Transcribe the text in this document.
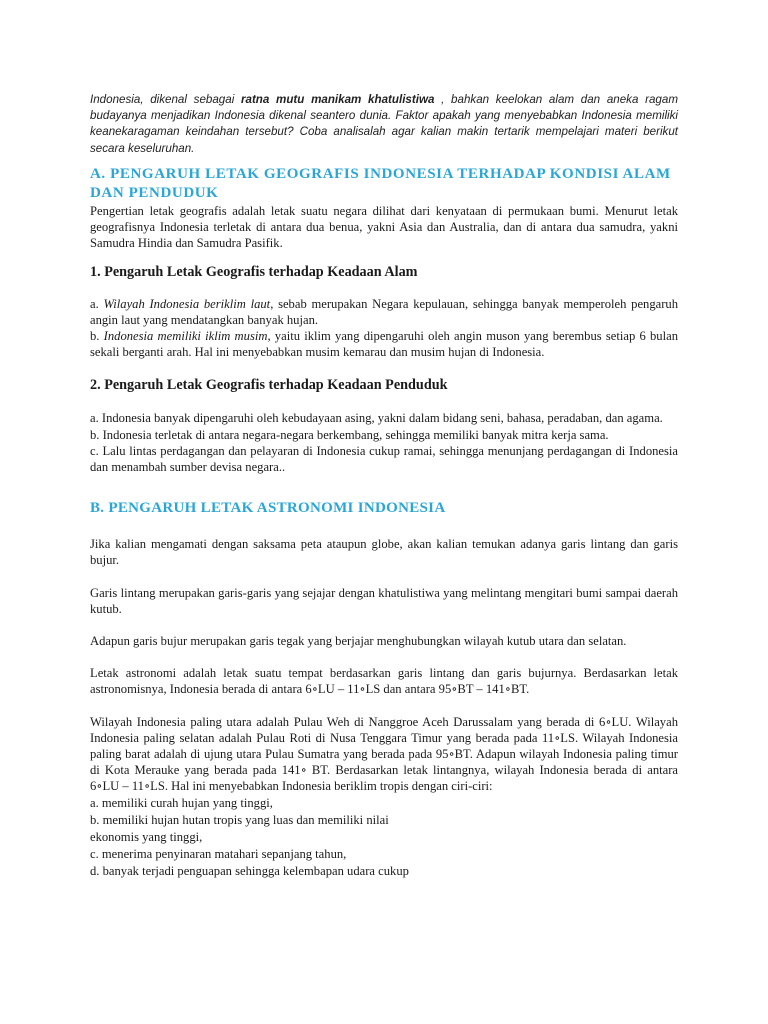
Indonesia, dikenal sebagai ratna mutu manikam khatulistiwa , bahkan keelokan alam dan aneka ragam budayanya menjadikan Indonesia dikenal seantero dunia. Faktor apakah yang menyebabkan Indonesia memiliki keanekaragaman keindahan tersebut? Coba analisalah agar kalian makin tertarik mempelajari materi berikut secara keseluruhan.

A. PENGARUH LETAK GEOGRAFIS INDONESIA TERHADAP KONDISI ALAM DAN PENDUDUK

Pengertian letak geografis adalah letak suatu negara dilihat dari kenyataan di permukaan bumi. Menurut letak geografisnya Indonesia terletak di antara dua benua, yakni Asia dan Australia, dan di antara dua samudra, yakni Samudra Hindia dan Samudra Pasifik.

1. Pengaruh Letak Geografis terhadap Keadaan Alam

a. Wilayah Indonesia beriklim laut, sebab merupakan Negara kepulauan, sehingga banyak memperoleh pengaruh angin laut yang mendatangkan banyak hujan.

b. Indonesia memiliki iklim musim, yaitu iklim yang dipengaruhi oleh angin muson yang berembus setiap 6 bulan sekali berganti arah. Hal ini menyebabkan musim kemarau dan musim hujan di Indonesia.

2. Pengaruh Letak Geografis terhadap Keadaan Penduduk

a. Indonesia banyak dipengaruhi oleh kebudayaan asing, yakni dalam bidang seni, bahasa, peradaban, dan agama.

b. Indonesia terletak di antara negara-negara berkembang, sehingga memiliki banyak mitra kerja sama.

c. Lalu lintas perdagangan dan pelayaran di Indonesia cukup ramai, sehingga menunjang perdagangan di Indonesia dan menambah sumber devisa negara..

B. PENGARUH LETAK ASTRONOMI INDONESIA

Jika kalian mengamati dengan saksama peta ataupun globe, akan kalian temukan adanya garis lintang dan garis bujur.

Garis lintang merupakan garis-garis yang sejajar dengan khatulistiwa yang melintang mengitari bumi sampai daerah kutub.

Adapun garis bujur merupakan garis tegak yang berjajar menghubungkan wilayah kutub utara dan selatan.

Letak astronomi adalah letak suatu tempat berdasarkan garis lintang dan garis bujurnya. Berdasarkan letak astronomisnya, Indonesia berada di antara 6∘LU – 11∘LS dan antara 95∘BT – 141∘BT.

Wilayah Indonesia paling utara adalah Pulau Weh di Nanggroe Aceh Darussalam yang berada di 6∘LU. Wilayah Indonesia paling selatan adalah Pulau Roti di Nusa Tenggara Timur yang berada pada 11∘LS. Wilayah Indonesia paling barat adalah di ujung utara Pulau Sumatra yang berada pada 95∘BT. Adapun wilayah Indonesia paling timur di Kota Merauke yang berada pada 141∘ BT. Berdasarkan letak lintangnya, wilayah Indonesia berada di antara 6∘LU – 11∘LS. Hal ini menyebabkan Indonesia beriklim tropis dengan ciri-ciri:

a. memiliki curah hujan yang tinggi,
b. memiliki hujan hutan tropis yang luas dan memiliki nilai
ekonomis yang tinggi,
c. menerima penyinaran matahari sepanjang tahun,
d. banyak terjadi penguapan sehingga kelembapan udara cukup
